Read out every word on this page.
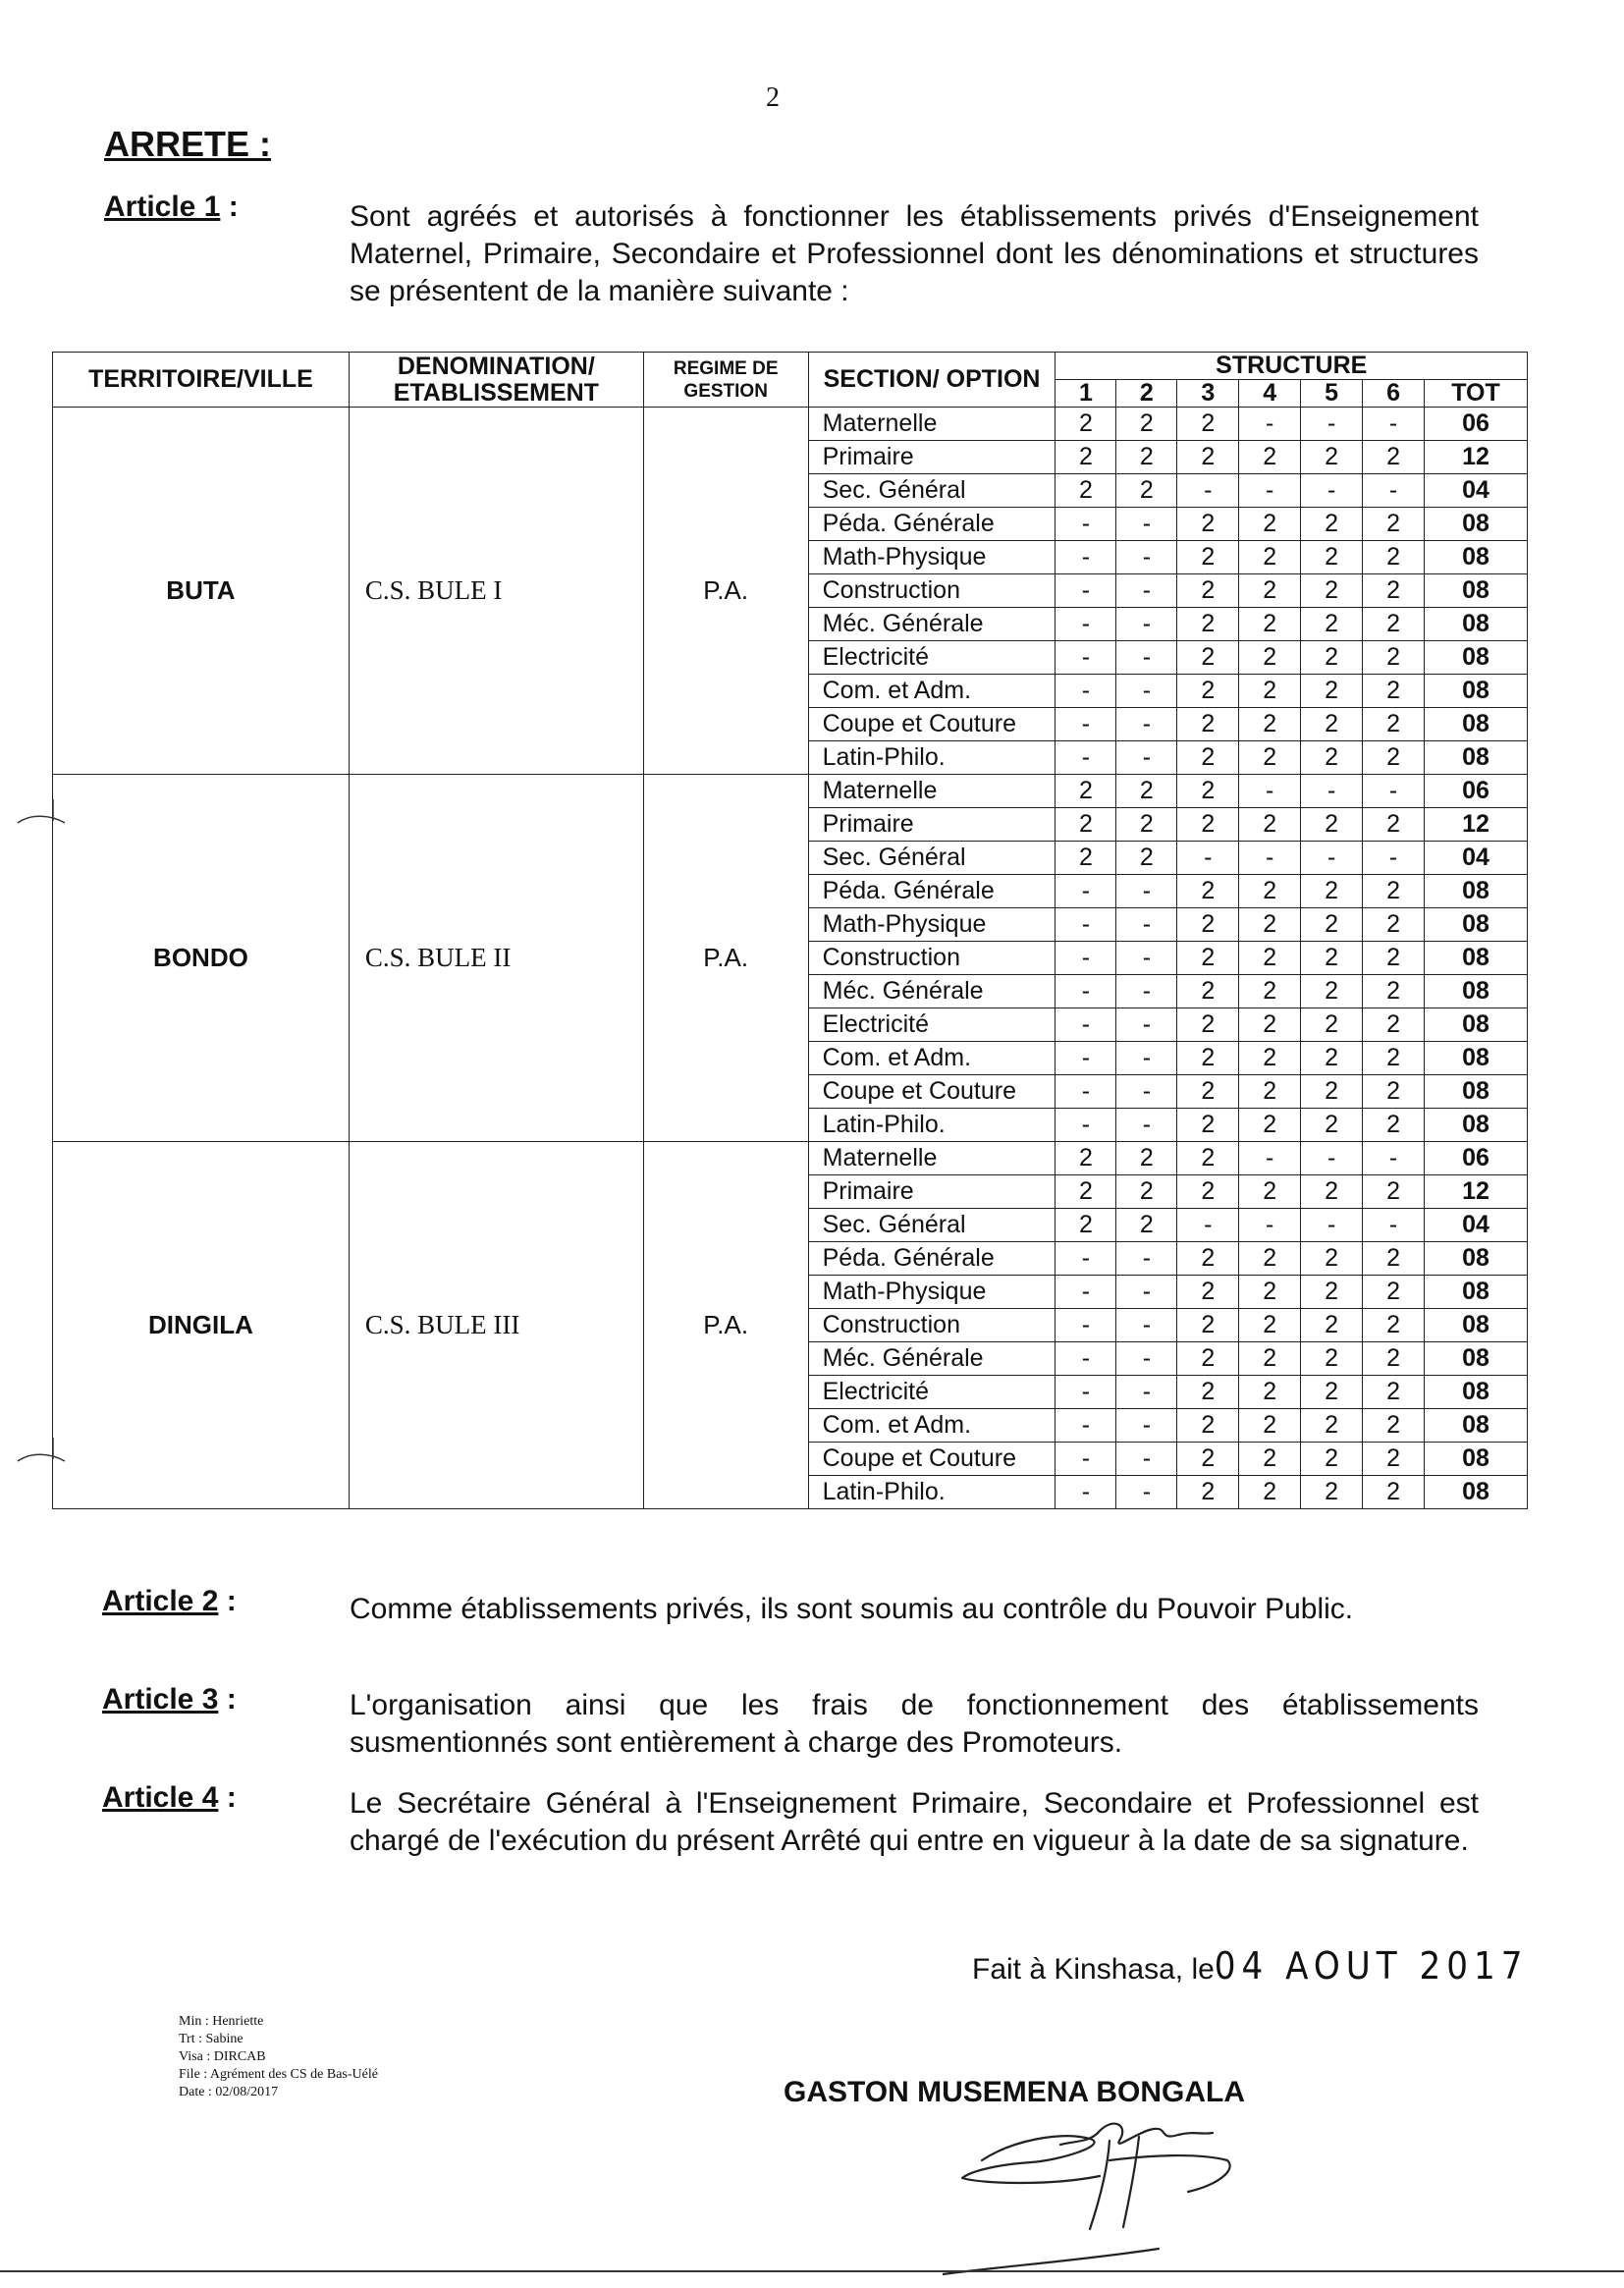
2
ARRETE :
Article 1 :	Sont agréés et autorisés à fonctionner les établissements privés d'Enseignement Maternel, Primaire, Secondaire et Professionnel dont les dénominations et structures se présentent de la manière suivante :
TERRITOIRE/VILLE	DENOMINATION/ ETABLISSEMENT	REGIME DE GESTION	SECTION/ OPTION	STRUCTURE						
				1	2	3	4	5	6	TOT
BUTA	C.S. BULE I	P.A.	Maternelle	2	2	2	-	-	-	06
			Primaire	2	2	2	2	2	2	12
			Sec. Général	2	2	-	-	-	-	04
			Péda. Générale	-	-	2	2	2	2	08
			Math-Physique	-	-	2	2	2	2	08
			Construction	-	-	2	2	2	2	08
			Méc. Générale	-	-	2	2	2	2	08
			Electricité	-	-	2	2	2	2	08
			Com. et Adm.	-	-	2	2	2	2	08
			Coupe et Couture	-	-	2	2	2	2	08
			Latin-Philo.	-	-	2	2	2	2	08
BONDO	C.S. BULE II	P.A.	Maternelle	2	2	2	-	-	-	06
			Primaire	2	2	2	2	2	2	12
			Sec. Général	2	2	-	-	-	-	04
			Péda. Générale	-	-	2	2	2	2	08
			Math-Physique	-	-	2	2	2	2	08
			Construction	-	-	2	2	2	2	08
			Méc. Générale	-	-	2	2	2	2	08
			Electricité	-	-	2	2	2	2	08
			Com. et Adm.	-	-	2	2	2	2	08
			Coupe et Couture	-	-	2	2	2	2	08
			Latin-Philo.	-	-	2	2	2	2	08
DINGILA	C.S. BULE III	P.A.	Maternelle	2	2	2	-	-	-	06
			Primaire	2	2	2	2	2	2	12
			Sec. Général	2	2	-	-	-	-	04
			Péda. Générale	-	-	2	2	2	2	08
			Math-Physique	-	-	2	2	2	2	08
			Construction	-	-	2	2	2	2	08
			Méc. Générale	-	-	2	2	2	2	08
			Electricité	-	-	2	2	2	2	08
			Com. et Adm.	-	-	2	2	2	2	08
			Coupe et Couture	-	-	2	2	2	2	08
			Latin-Philo.	-	-	2	2	2	2	08
Article 2 :	Comme établissements privés, ils sont soumis au contrôle du Pouvoir Public.
Article 3 :	L'organisation ainsi que les frais de fonctionnement des établissements susmentionnés sont entièrement à charge des Promoteurs.
Article 4 :	Le Secrétaire Général à l'Enseignement Primaire, Secondaire et Professionnel est chargé de l'exécution du présent Arrêté qui entre en vigueur à la date de sa signature.
Fait à Kinshasa, le04 AOUT 2017
Min : Henriette
Trt : Sabine
Visa : DIRCAB
File : Agrément des CS de Bas-Uélé
Date : 02/08/2017	GASTON MUSEMENA BONGALA
